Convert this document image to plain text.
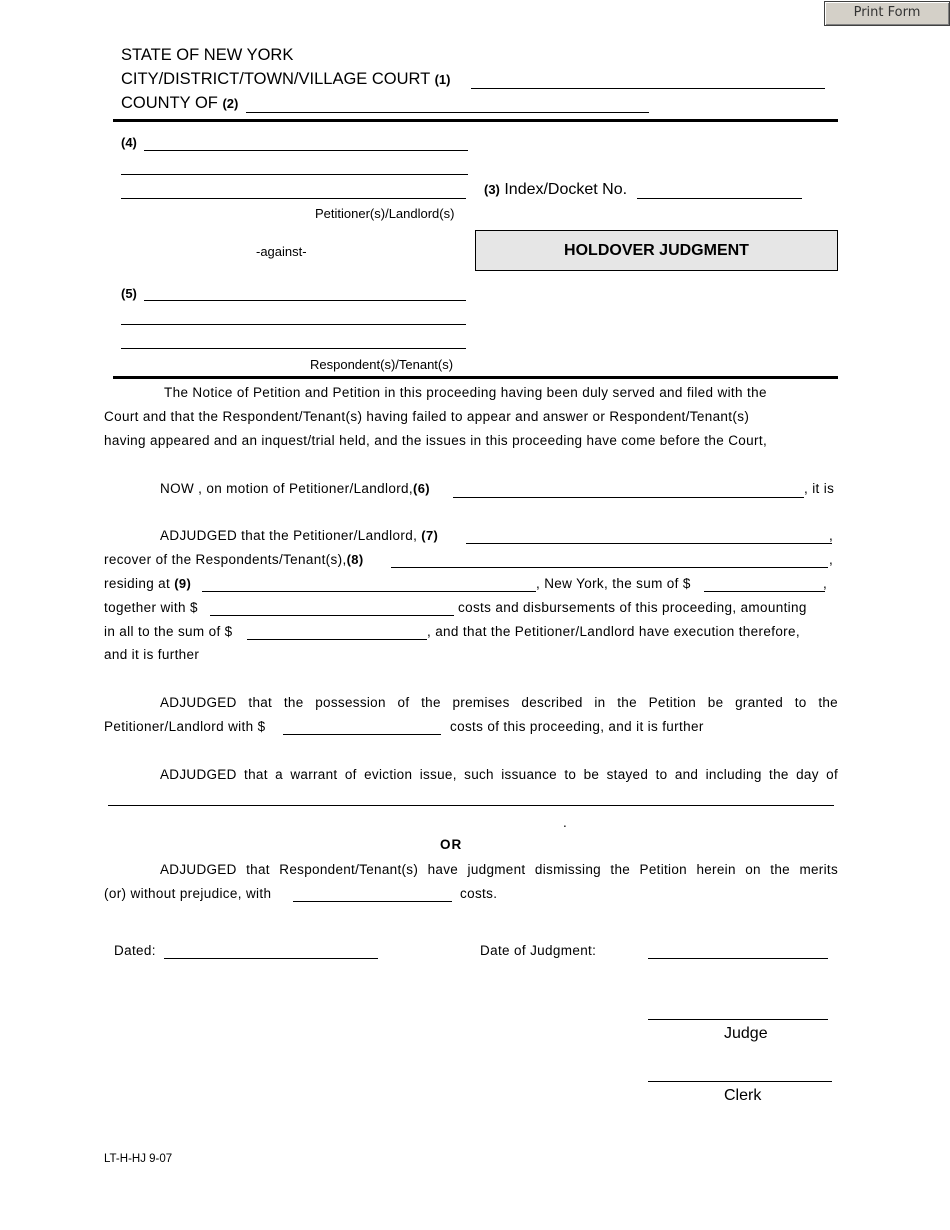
Print Form
STATE OF NEW YORK
CITY/DISTRICT/TOWN/VILLAGE COURT (1)
COUNTY OF (2)
(4)
Petitioner(s)/Landlord(s)
(3) Index/Docket No.
-against-	HOLDOVER JUDGMENT
(5)
Respondent(s)/Tenant(s)
The Notice of Petition and Petition in this proceeding having been duly served and filed with the
Court and that the Respondent/Tenant(s) having failed to appear and answer or Respondent/Tenant(s)
having appeared and an inquest/trial held, and the issues in this proceeding have come before the Court,
NOW , on motion of Petitioner/Landlord,(6)	, it is
ADJUDGED that the Petitioner/Landlord, (7)	,
recover of the Respondents/Tenant(s),(8)	,
residing at (9)	, New York, the sum of $	,
together with $	costs and disbursements of this proceeding, amounting
in all to the sum of $	, and that the Petitioner/Landlord have execution therefore,
and it is further
ADJUDGED that the possession of the premises described in the Petition be granted to the
Petitioner/Landlord with $	costs of this proceeding, and it is further
ADJUDGED that a warrant of eviction issue, such issuance to be stayed to and including the day of
.
OR
ADJUDGED that Respondent/Tenant(s) have judgment dismissing the Petition herein on the merits
(or) without prejudice, with	costs.
Dated:	Date of Judgment:
Judge
Clerk
LT-H-HJ 9-07
